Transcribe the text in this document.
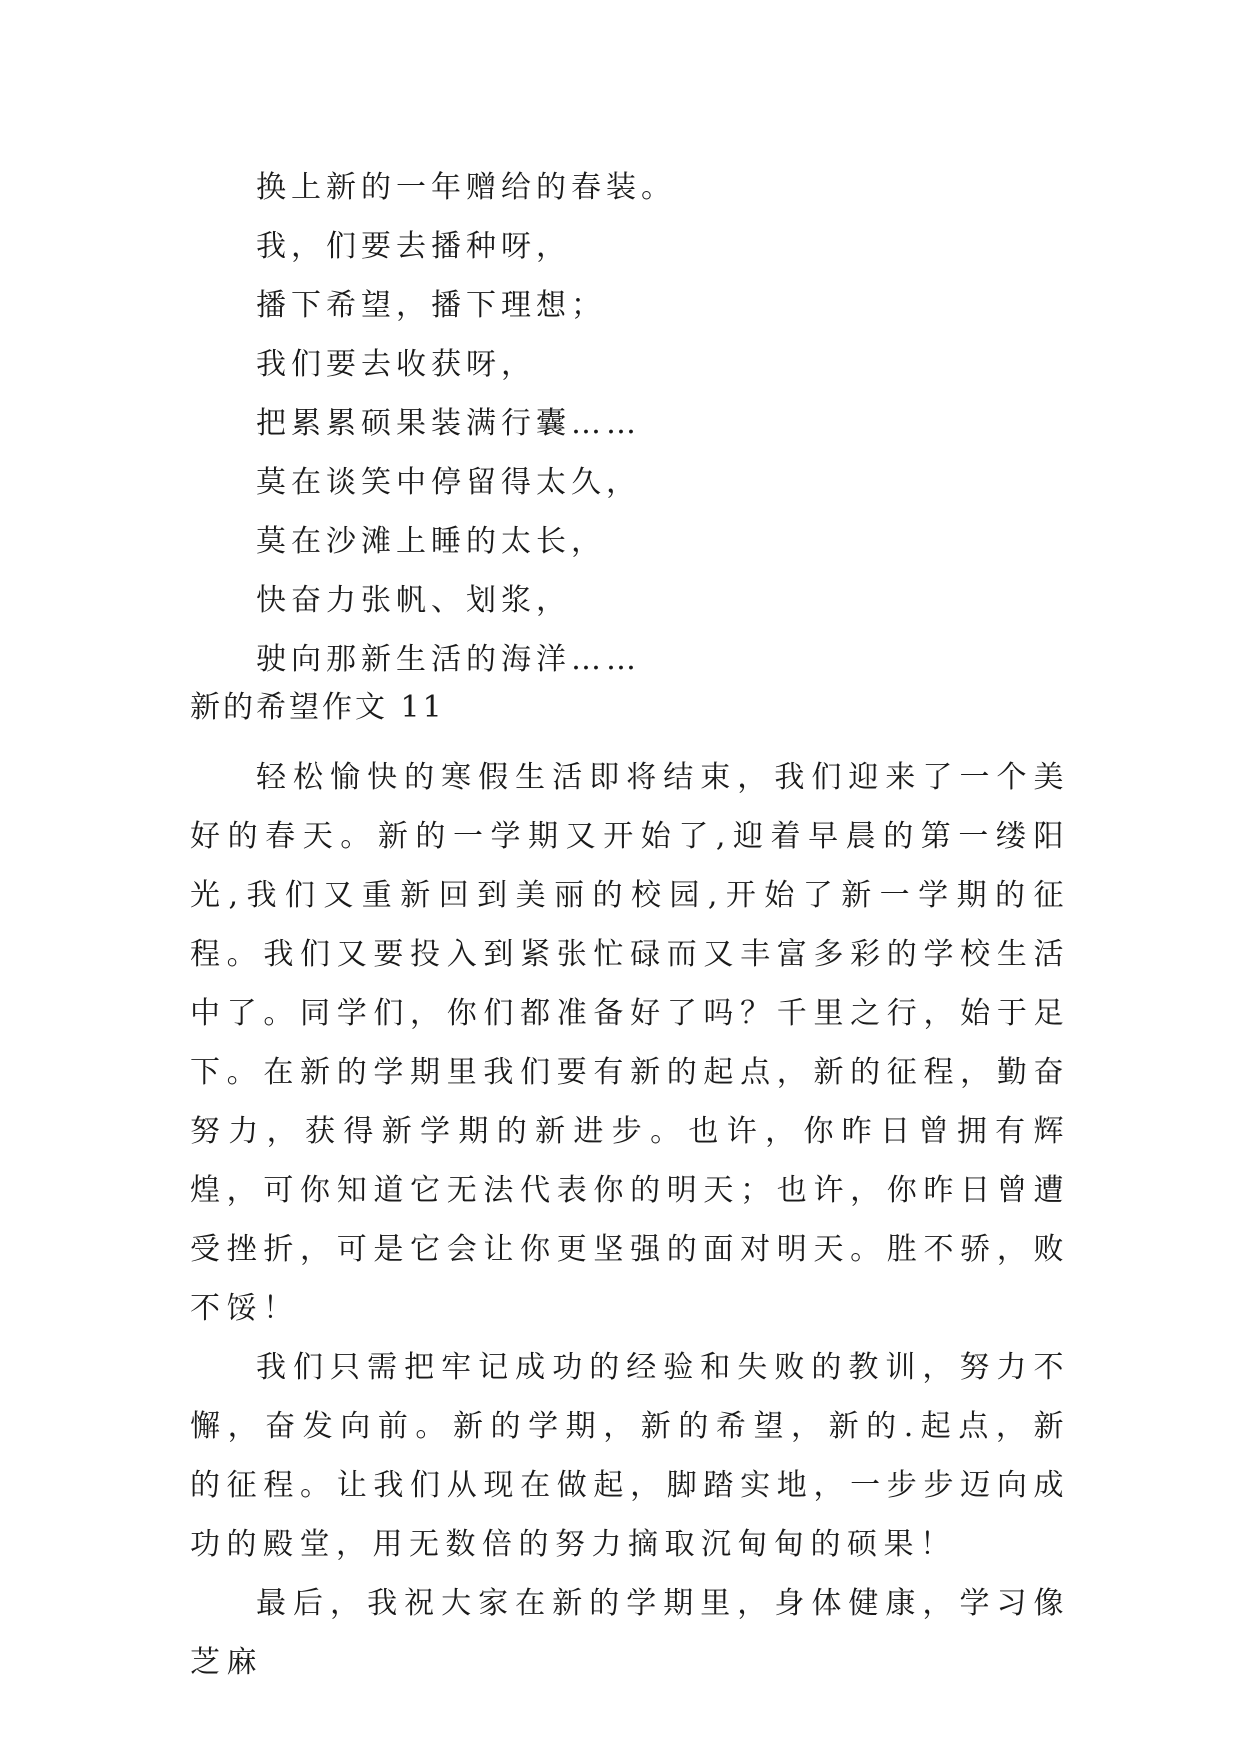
换上新的一年赠给的春装。
我，们要去播种呀，
播下希望，播下理想；
我们要去收获呀，
把累累硕果装满行囊……
莫在谈笑中停留得太久，
莫在沙滩上睡的太长，
快奋力张帆、划浆，
驶向那新生活的海洋……
新的希望作文 11

轻松愉快的寒假生活即将结束，我们迎来了一个美好的春天。新的一学期又开始了,迎着早晨的第一缕阳光,我们又重新回到美丽的校园,开始了新一学期的征程。我们又要投入到紧张忙碌而又丰富多彩的学校生活中了。同学们，你们都准备好了吗？千里之行，始于足下。在新的学期里我们要有新的起点，新的征程，勤奋努力，获得新学期的新进步。也许，你昨日曾拥有辉煌，可你知道它无法代表你的明天；也许，你昨日曾遭受挫折，可是它会让你更坚强的面对明天。胜不骄，败不馁！

我们只需把牢记成功的经验和失败的教训，努力不懈，奋发向前。新的学期，新的希望，新的.起点，新的征程。让我们从现在做起，脚踏实地，一步步迈向成功的殿堂，用无数倍的努力摘取沉甸甸的硕果！

最后，我祝大家在新的学期里，身体健康，学习像芝麻
